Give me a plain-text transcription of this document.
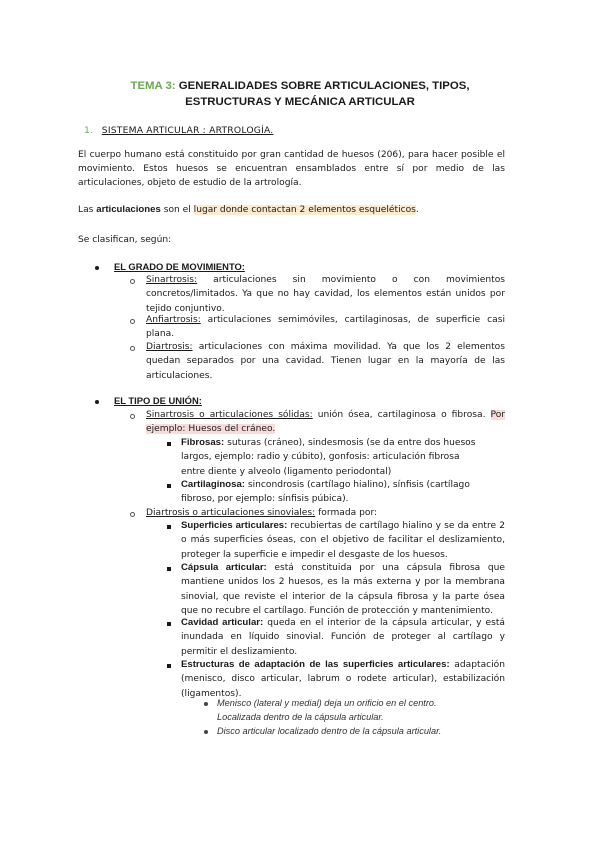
TEMA 3: GENERALIDADES SOBRE ARTICULACIONES, TIPOS,
ESTRUCTURAS Y MECÁNICA ARTICULAR
1. SISTEMA ARTICULAR : ARTROLOGÍA.
El cuerpo humano está constituido por gran cantidad de huesos (206), para hacer posible el movimiento. Estos huesos se encuentran ensamblados entre sí por medio de las articulaciones, objeto de estudio de la artrología.
Las articulaciones son el lugar donde contactan 2 elementos esqueléticos.
Se clasifican, según:
EL GRADO DE MOVIMIENTO:
Sinartrosis: articulaciones sin movimiento o con movimientos concretos/limitados. Ya que no hay cavidad, los elementos están unidos por tejido conjuntivo.
Anfiartrosis: articulaciones semimóviles, cartilaginosas, de superficie casi plana.
Diartrosis: articulaciones con máxima movilidad. Ya que los 2 elementos quedan separados por una cavidad. Tienen lugar en la mayoría de las articulaciones.
EL TIPO DE UNIÓN:
Sinartrosis o articulaciones sólidas: unión ósea, cartilaginosa o fibrosa. Por ejemplo: Huesos del cráneo.
Fibrosas: suturas (cráneo), sindesmosis (se da entre dos huesos largos, ejemplo: radio y cúbito), gonfosis: articulación fibrosa entre diente y alveolo (ligamento periodontal)
Cartilaginosa: sincondrosis (cartílago hialino), sínfisis (cartílago fibroso, por ejemplo: sínfisis púbica).
Diartrosis o articulaciones sinoviales: formada por:
Superficies articulares: recubiertas de cartílago hialino y se da entre 2 o más superficies óseas, con el objetivo de facilitar el deslizamiento, proteger la superficie e impedir el desgaste de los huesos.
Cápsula articular: está constituida por una cápsula fibrosa que mantiene unidos los 2 huesos, es la más externa y por la membrana sinovial, que reviste el interior de la cápsula fibrosa y la parte ósea que no recubre el cartílago. Función de protección y mantenimiento.
Cavidad articular: queda en el interior de la cápsula articular, y está inundada en líquido sinovial. Función de proteger al cartílago y permitir el deslizamiento.
Estructuras de adaptación de las superficies articulares: adaptación (menisco, disco articular, labrum o rodete articular), estabilización (ligamentos).
Menisco (lateral y medial) deja un orificio en el centro. Localizada dentro de la cápsula articular.
Disco articular localizado dentro de la cápsula articular.
